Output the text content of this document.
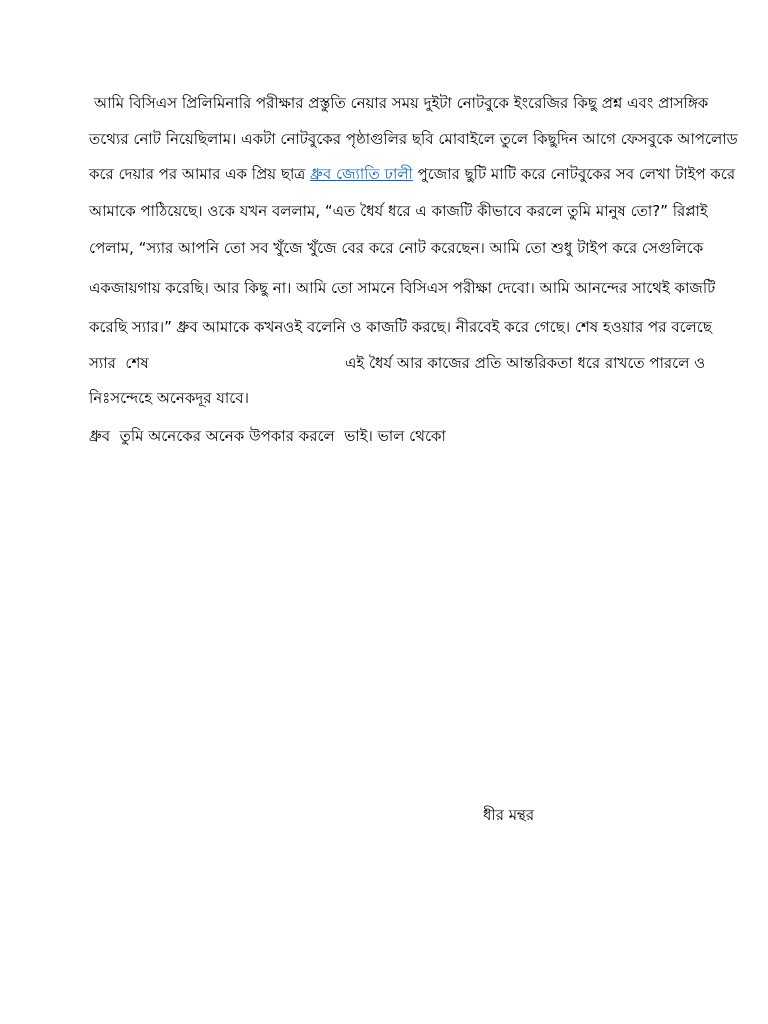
আমি বিসিএস প্রিলিমিনারি পরীক্ষার প্রস্তুতি নেয়ার সময় দুইটা নোটবুকে ইংরেজির কিছু প্রশ্ন এবং প্রাসঙ্গিক
তথ্যের নোট নিয়েছিলাম। একটা নোটবুকের পৃষ্ঠাগুলির ছবি মোবাইলে তুলে কিছুদিন আগে ফেসবুকে আপলোড
করে দেয়ার পর আমার এক প্রিয় ছাত্র ধ্রুব জ্যোতি ঢালী পুজোর ছুটি মাটি করে নোটবুকের সব লেখা টাইপ করে
আমাকে পাঠিয়েছে। ওকে যখন বললাম, “এত ধৈর্য ধরে এ কাজটি কীভাবে করলে তুমি মানুষ তো?” রিপ্লাই
পেলাম, “স্যার আপনি তো সব খুঁজে খুঁজে বের করে নোট করেছেন। আমি তো শুধু টাইপ করে সেগুলিকে
একজায়গায় করেছি। আর কিছু না। আমি তো সামনে বিসিএস পরীক্ষা দেবো। আমি আনন্দের সাথেই কাজটি
করেছি স্যার।” ধ্রুব আমাকে কখনওই বলেনি ও কাজটি করছে। নীরবেই করে গেছে। শেষ হওয়ার পর বলেছে
স্যার  শেষ	এই ধৈর্য আর কাজের প্রতি আন্তরিকতা ধরে রাখতে পারলে ও
নিঃসন্দেহে অনেকদূর যাবে।
ধ্রুব  তুমি অনেকের অনেক উপকার করলে  ভাই। ভাল থেকো
ধীর মন্থর
